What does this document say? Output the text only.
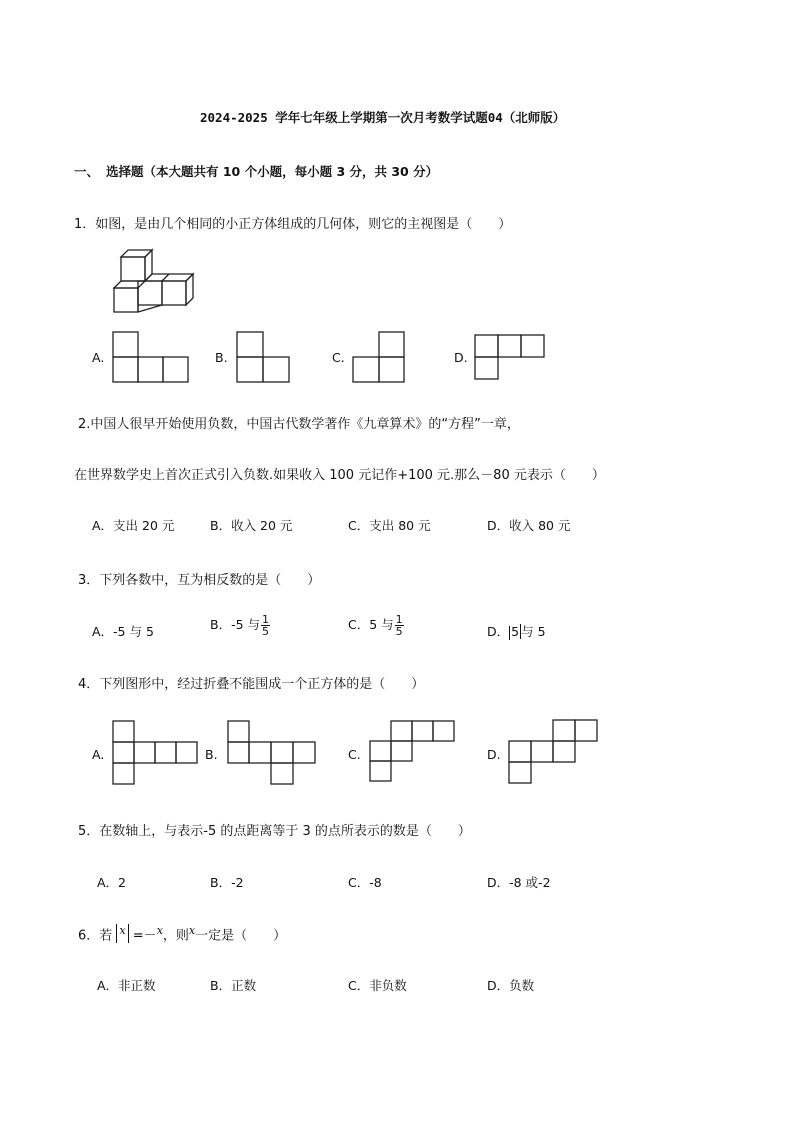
2024-2025 学年七年级上学期第一次月考数学试题04（北师版）
一、 选择题（本大题共有 10 个小题，每小题 3 分，共 30 分）
1．如图，是由几个相同的小正方体组成的几何体，则它的主视图是（　　）
A.	B.	C.	D.
2.中国人很早开始使用负数，中国古代数学著作《九章算术》的“方程”一章，
在世界数学史上首次正式引入负数.如果收入 100 元记作+100 元.那么－80 元表示（　　）
A．支出 20 元	B．收入 20 元	C．支出 80 元	D．收入 80 元
3．下列各数中，互为相反数的是（　　）
A．-5 与 5	B．-5 与 $\frac{1}{5}$	C．5 与 $\frac{1}{5}$	D． 5 与 5
4．下列图形中，经过折叠不能围成一个正方体的是（　　）
A.	B.	C.	D.
5．在数轴上，与表示-5 的点距离等于 3 的点所表示的数是（　　）
A．2	B．-2	C．-8	D．-8 或-2
6．若 $^x$ =－$^x$，则$^x$一定是（　　）
A．非正数	B．正数	C．非负数	D．负数
